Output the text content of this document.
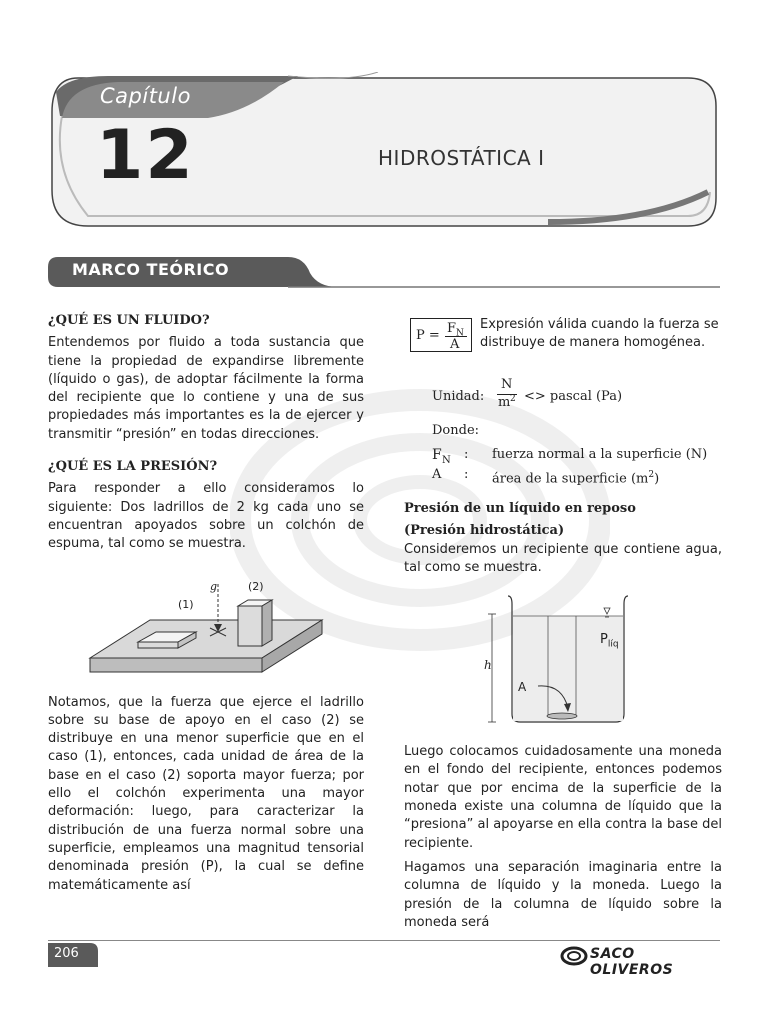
Capítulo
12	HIDROSTÁTICA I
MARCO TEÓRICO
¿QUÉ ES UN FLUIDO?
Entendemos por fluido a toda sustancia que tiene la propiedad de expandirse libremente (líquido o gas), de adoptar fácilmente la forma del recipiente que lo contiene y una de sus propiedades más importantes es la de ejercer y transmitir “presión” en todas direcciones.
¿QUÉ ES LA PRESIÓN?
Para responder a ello consideramos lo siguiente: Dos ladrillos de 2 kg cada uno se encuentran apoyados sobre un colchón de espuma, tal como se muestra.
Notamos, que la fuerza que ejerce el ladrillo sobre su base de apoyo en el caso (2) se distribuye en una menor superficie que en el caso (1), entonces, cada unidad de área de la base en el caso (2) soporta mayor fuerza; por ello el colchón experimenta una mayor deformación: luego, para caracterizar la distribución de una fuerza normal sobre una superficie, empleamos una magnitud tensorial denominada presión (P), la cual se define matemáticamente así
g
(1)
(2)
$P = F_N$
A
Expresión válida cuando la fuerza se distribuye de manera homogénea.
Unidad:
N
m 2 <> pascal (Pa)
Donde:
F N : fuerza normal a la superficie (N)
A : área de la superficie $(m^2)$
Presión de un líquido en reposo
(Presión hidrostática)
Consideremos un recipiente que contiene agua, tal como se muestra.
Luego colocamos cuidadosamente una moneda en el fondo del recipiente, entonces podemos notar que por encima de la superficie de la moneda existe una columna de líquido que la “presiona” al apoyarse en ella contra la base del recipiente.
Hagamos una separación imaginaria entre la columna de líquido y la moneda. Luego la presión de la columna de líquido sobre la moneda será
h
A
$P_{líq}$
206	SACO OLIVEROS
